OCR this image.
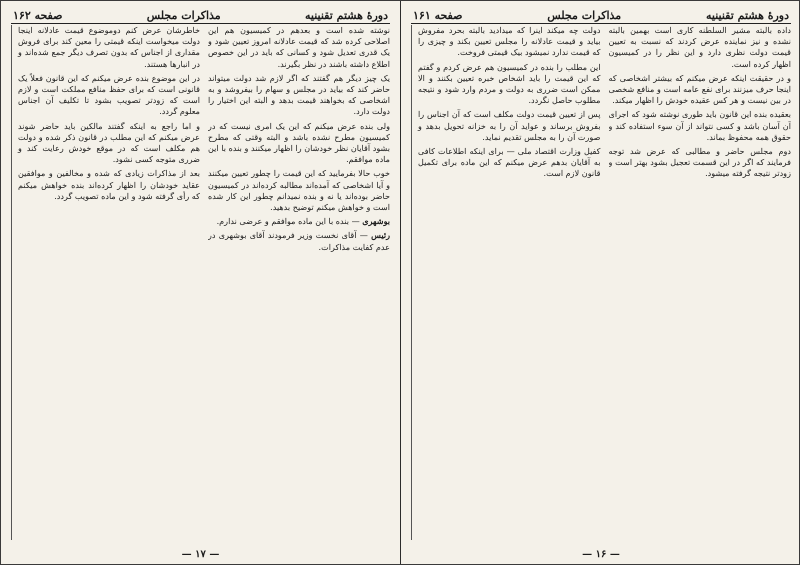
دورهٔ هشتم تقنینیه
مذاکرات مجلس
صفحه ۱۶۲

نوشته شده است و بعدهم در کمیسیون هم این اصلاحی کرده شد که قیمت عادلانه امروز تعیین شود و یک قدری تعدیل شود و کسانی که باید در این خصوص اطلاع داشته باشند در نظر بگیرند.

یک چیز دیگر هم گفتند که اگر لازم شد دولت میتواند حاضر کند که بیاید در مجلس و سهام را بیفروشد و به اشخاصی که بخواهند قیمت بدهد و البته این اختیار را دولت دارد.

ولی بنده عرض میکنم که این یک امری نیست که در کمیسیون مطرح نشده باشد و البته وقتی که مطرح بشود آقایان نظر خودشان را اظهار میکنند و بنده با این ماده موافقم.

خوب حالا بفرمایید که این قیمت را چطور تعیین میکنند و آیا اشخاصی که آمده‌اند مطالبه کرده‌اند در کمیسیون حاضر بوده‌اند یا نه و بنده نمیدانم چطور این کار شده است و خواهش میکنم توضیح بدهید.

بوشهری — بنده با این ماده موافقم و عرضی ندارم.

رئیس — آقای نخست وزیر فرمودند آقای بوشهری در عدم کفایت مذاکرات.

خاطرشان عرض کنم دوموضوع قیمت عادلانه اینجا دولت میخواست اینکه قیمتی را معین کند برای فروش مقداری از اجناس که بدون تصرف دیگر جمع شده‌اند و در انبارها هستند.

در این موضوع بنده عرض میکنم که این قانون فعلاً یک قانونی است که برای حفظ منافع مملکت است و لازم است که زودتر تصویب بشود تا تکلیف آن اجناس معلوم گردد.

و اما راجع به اینکه گفتند مالکین باید حاضر شوند عرض میکنم که این مطلب در قانون ذکر شده و دولت هم مکلف است که در موقع خودش رعایت کند و ضرری متوجه کسی نشود.

بعد از مذاکرات زیادی که شده و مخالفین و موافقین عقاید خودشان را اظهار کرده‌اند بنده خواهش میکنم که رأی گرفته شود و این ماده تصویب گردد.

— ۱۷ —
دورهٔ هشتم تقنینیه
مذاکرات مجلس
صفحه ۱۶۱

داده بالبته مشیر السلطنه کاری است بهمین بالبته نشده و نیز نماینده عرض کردند که نسبت به تعیین قیمت دولت نظری دارد و این نظر را در کمیسیون اظهار کرده است.

و در حقیقت اینکه عرض میکنم که بیشتر اشخاصی که اینجا حرف میزنند برای نفع عامه است و منافع شخصی در بین نیست و هر کس عقیده خودش را اظهار میکند.

بعقیده بنده این قانون باید طوری نوشته شود که اجرای آن آسان باشد و کسی نتواند از آن سوء استفاده کند و حقوق همه محفوظ بماند.

دوم مجلس حاضر و مطالبی که عرض شد توجه فرمایند که اگر در این قسمت تعجیل بشود بهتر است و زودتر نتیجه گرفته میشود.

دولت چه میکند اینرا که میدادید بالبته بحرد مفروش بیاید و قیمت عادلانه را مجلس تعیین بکند و چیزی را که قیمت ندارد نمیشود بیک قیمتی فروخت.

این مطلب را بنده در کمیسیون هم عرض کردم و گفتم که این قیمت را باید اشخاص خبره تعیین بکنند و الا ممکن است ضرری به دولت و مردم وارد شود و نتیجه مطلوب حاصل نگردد.

پس از تعیین قیمت دولت مکلف است که آن اجناس را بفروش برساند و عواید آن را به خزانه تحویل بدهد و صورت آن را به مجلس تقدیم نماید.

کفیل وزارت اقتصاد ملی — برای اینکه اطلاعات کافی به آقایان بدهم عرض میکنم که این ماده برای تکمیل قانون لازم است.

— ۱۶ —
